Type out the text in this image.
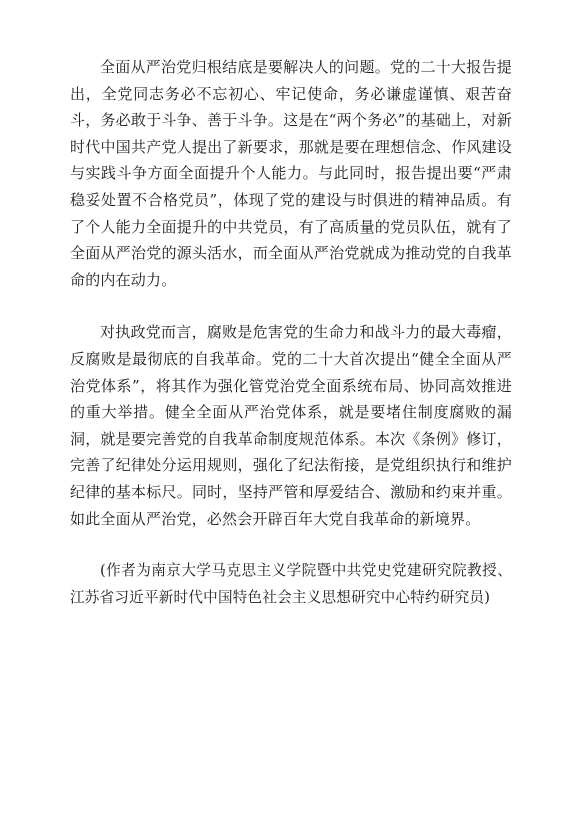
全面从严治党归根结底是要解决人的问题。党的二十大报告提出，全党同志务必不忘初心、牢记使命，务必谦虚谨慎、艰苦奋斗，务必敢于斗争、善于斗争。这是在“两个务必”的基础上，对新时代中国共产党人提出了新要求，那就是要在理想信念、作风建设与实践斗争方面全面提升个人能力。与此同时，报告提出要“严肃稳妥处置不合格党员”，体现了党的建设与时俱进的精神品质。有了个人能力全面提升的中共党员，有了高质量的党员队伍，就有了全面从严治党的源头活水，而全面从严治党就成为推动党的自我革命的内在动力。

对执政党而言，腐败是危害党的生命力和战斗力的最大毒瘤，反腐败是最彻底的自我革命。党的二十大首次提出“健全全面从严治党体系”，将其作为强化管党治党全面系统布局、协同高效推进的重大举措。健全全面从严治党体系，就是要堵住制度腐败的漏洞，就是要完善党的自我革命制度规范体系。本次《条例》修订，完善了纪律处分运用规则，强化了纪法衔接，是党组织执行和维护纪律的基本标尺。同时，坚持严管和厚爱结合、激励和约束并重。如此全面从严治党，必然会开辟百年大党自我革命的新境界。

(作者为南京大学马克思主义学院暨中共党史党建研究院教授、江苏省习近平新时代中国特色社会主义思想研究中心特约研究员)
